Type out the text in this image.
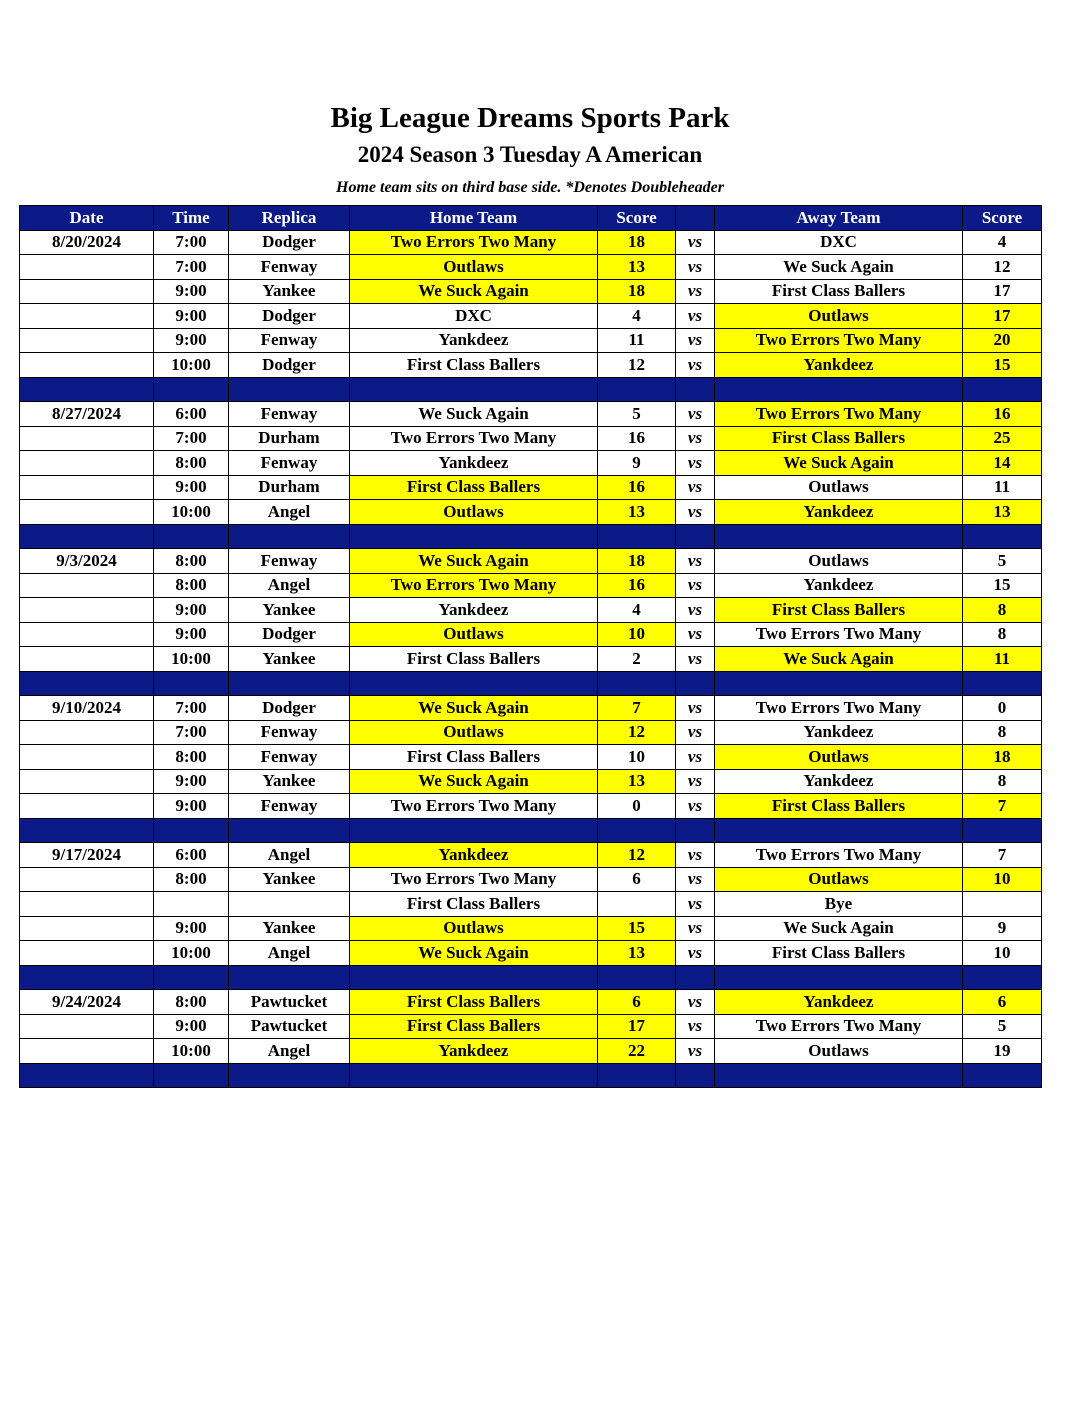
Big League Dreams Sports Park
2024 Season 3 Tuesday A American
Home team sits on third base side. *Denotes Doubleheader
Date	Time	Replica	Home Team	Score		Away Team	Score
8/20/2024	7:00	Dodger	Two Errors Two Many	18	vs	DXC	4
	7:00	Fenway	Outlaws	13	vs	We Suck Again	12
	9:00	Yankee	We Suck Again	18	vs	First Class Ballers	17
	9:00	Dodger	DXC	4	vs	Outlaws	17
	9:00	Fenway	Yankdeez	11	vs	Two Errors Two Many	20
	10:00	Dodger	First Class Ballers	12	vs	Yankdeez	15

8/27/2024	6:00	Fenway	We Suck Again	5	vs	Two Errors Two Many	16
	7:00	Durham	Two Errors Two Many	16	vs	First Class Ballers	25
	8:00	Fenway	Yankdeez	9	vs	We Suck Again	14
	9:00	Durham	First Class Ballers	16	vs	Outlaws	11
	10:00	Angel	Outlaws	13	vs	Yankdeez	13

9/3/2024	8:00	Fenway	We Suck Again	18	vs	Outlaws	5
	8:00	Angel	Two Errors Two Many	16	vs	Yankdeez	15
	9:00	Yankee	Yankdeez	4	vs	First Class Ballers	8
	9:00	Dodger	Outlaws	10	vs	Two Errors Two Many	8
	10:00	Yankee	First Class Ballers	2	vs	We Suck Again	11

9/10/2024	7:00	Dodger	We Suck Again	7	vs	Two Errors Two Many	0
	7:00	Fenway	Outlaws	12	vs	Yankdeez	8
	8:00	Fenway	First Class Ballers	10	vs	Outlaws	18
	9:00	Yankee	We Suck Again	13	vs	Yankdeez	8
	9:00	Fenway	Two Errors Two Many	0	vs	First Class Ballers	7

9/17/2024	6:00	Angel	Yankdeez	12	vs	Two Errors Two Many	7
	8:00	Yankee	Two Errors Two Many	6	vs	Outlaws	10
			First Class Ballers		vs	Bye	
	9:00	Yankee	Outlaws	15	vs	We Suck Again	9
	10:00	Angel	We Suck Again	13	vs	First Class Ballers	10

9/24/2024	8:00	Pawtucket	First Class Ballers	6	vs	Yankdeez	6
	9:00	Pawtucket	First Class Ballers	17	vs	Two Errors Two Many	5
	10:00	Angel	Yankdeez	22	vs	Outlaws	19
